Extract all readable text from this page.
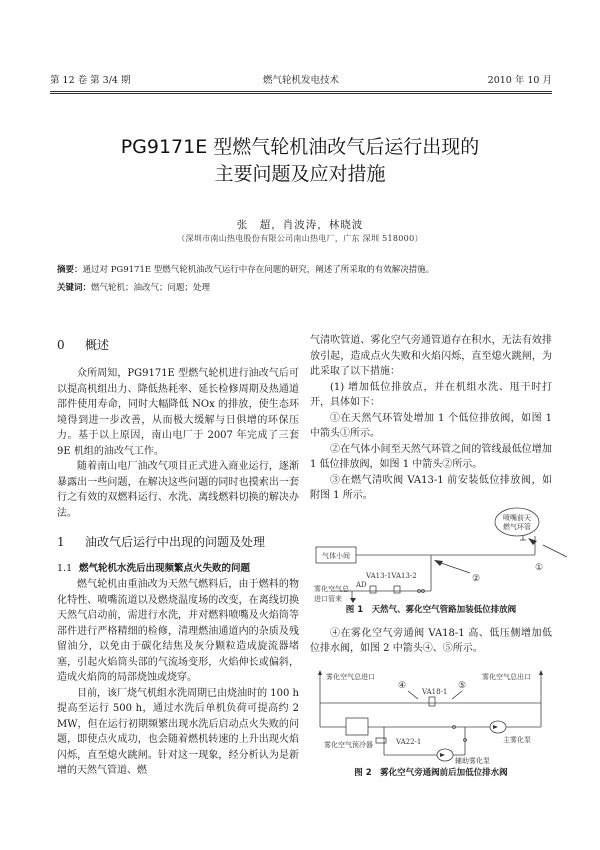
第 12 卷 第 3/4 期	燃气轮机发电技术	2010 年 10 月
PG9171E 型燃气轮机油改气后运行出现的
主要问题及应对措施
张　超，肖波涛，林晓波
（深圳市南山热电股份有限公司南山热电厂，广东 深圳 518000）
摘要：通过对 PG9171E 型燃气轮机油改气运行中存在问题的研究，阐述了所采取的有效解决措施。
关键词：燃气轮机；油改气；问题；处理
0 概述

众所周知，PG9171E 型燃气轮机进行油改气后可以提高机组出力、降低热耗率、延长检修周期及热通道部件使用寿命，同时大幅降低 NOx 的排放，使生态环境得到进一步改善，从而极大缓解与日俱增的环保压力。基于以上原因，南山电厂于 2007 年完成了三套 9E 机组的油改气工作。

随着南山电厂油改气项目正式进入商业运行，逐渐暴露出一些问题，在解决这些问题的同时也摸索出一套行之有效的双燃料运行、水洗、离线燃料切换的解决办法。

1 油改气后运行中出现的问题及处理
1.1 燃气轮机水洗后出现频繁点火失败的问题

燃气轮机由重油改为天然气燃料后，由于燃料的物化特性、喷嘴流道以及燃烧温度场的改变，在离线切换天然气启动前，需进行水洗，并对燃料喷嘴及火焰筒等部件进行严格精细的检修，清理燃油通道内的杂质及残留油分，以免由于碳化结焦及灰分颗粒造成旋流器堵塞，引起火焰筒头部的气流场变形，火焰伸长或偏斜，造成火焰筒的局部烧蚀或烧穿。

目前，该厂烧气机组水洗周期已由烧油时的 100 h 提高至运行 500 h，通过水洗后单机负荷可提高约 2 MW，但在运行初期频繁出现水洗后启动点火失败的问题，即使点火成功，也会随着燃机转速的上升出现火焰闪烁，直至熄火跳闸。针对这一现象，经分析认为是新增的天然气管道、燃

气清吹管道、雾化空气旁通管道存在积水，无法有效排放引起，造成点火失败和火焰闪烁，直至熄火跳闸，为此采取了以下措施：

(1) 增加低位排放点，并在机组水洗、甩干时打开，具体如下：

①在天然气环管处增加 1 个低位排放阀，如图 1 中箭头①所示。

②在气体小间至天然气环管之间的管线最低位增加 1 低位排放阀，如图 1 中箭头②所示。

③在燃气清吹阀 VA13-1 前安装低位排放阀，如附图 1 所示。

气体小间
喷嘴前天
燃气环管
VA13-1VA13-2
雾化空气总
进口管来
AD
①
②
图 1　天然气、雾化空气管路加装低位排放阀

④在雾化空气旁通阀 VA18-1 高、低压侧增加低位排水阀，如图 2 中箭头④、⑤所示。

雾化空气总进口	雾化空气总出口
VA18-1
雾化空气预冷器	VA22-1	主雾化泵
辅助雾化泵
④	⑤
图 2　雾化空气旁通阀前后加低位排水阀
